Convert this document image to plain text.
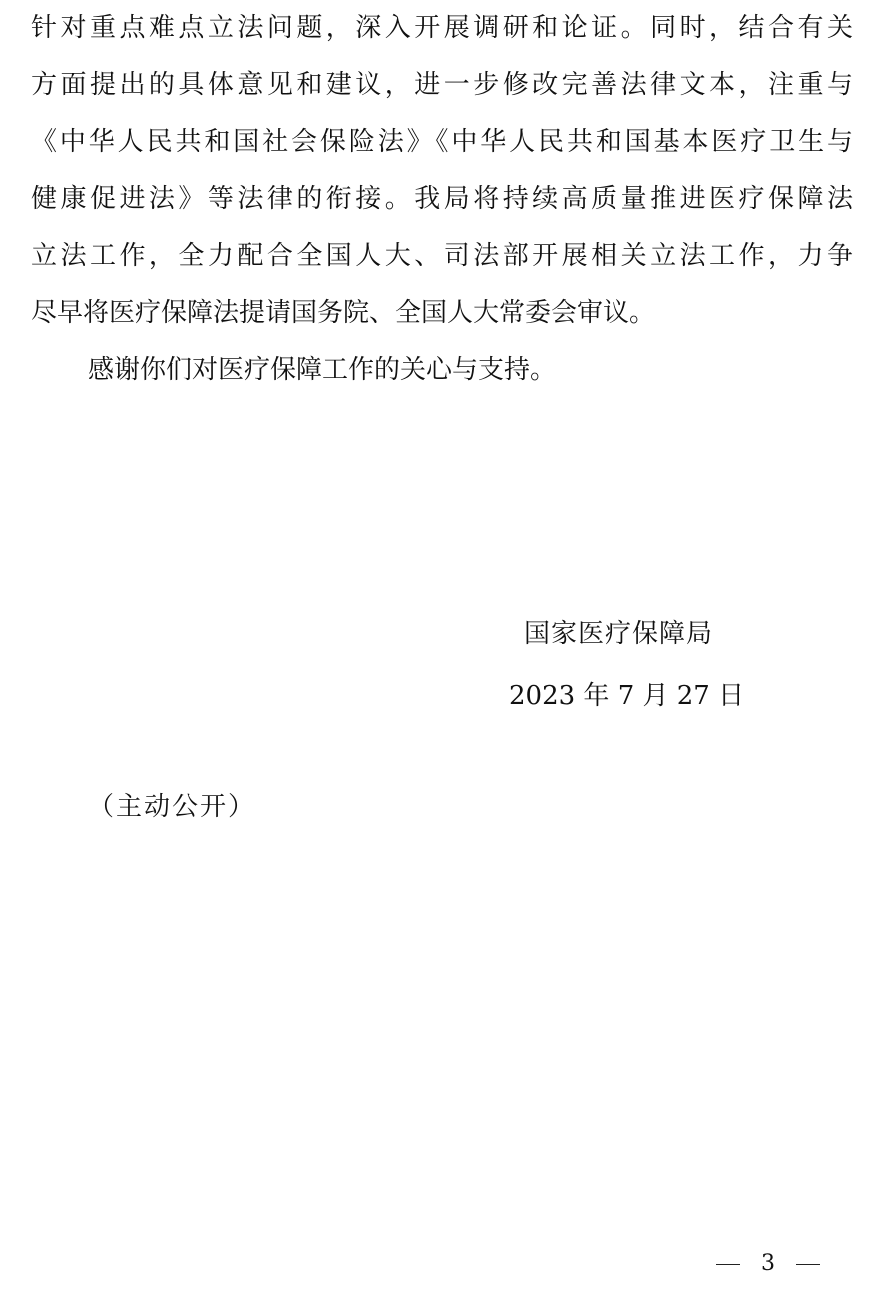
针对重点难点立法问题，深入开展调研和论证。同时，结合有关
方面提出的具体意见和建议，进一步修改完善法律文本，注重与
《中华人民共和国社会保险法》《中华人民共和国基本医疗卫生与
健康促进法》等法律的衔接。我局将持续高质量推进医疗保障法
立法工作，全力配合全国人大、司法部开展相关立法工作，力争
尽早将医疗保障法提请国务院、全国人大常委会审议。
感谢你们对医疗保障工作的关心与支持。
国家医疗保障局
2023 年 7 月 27 日
（主动公开）
3
